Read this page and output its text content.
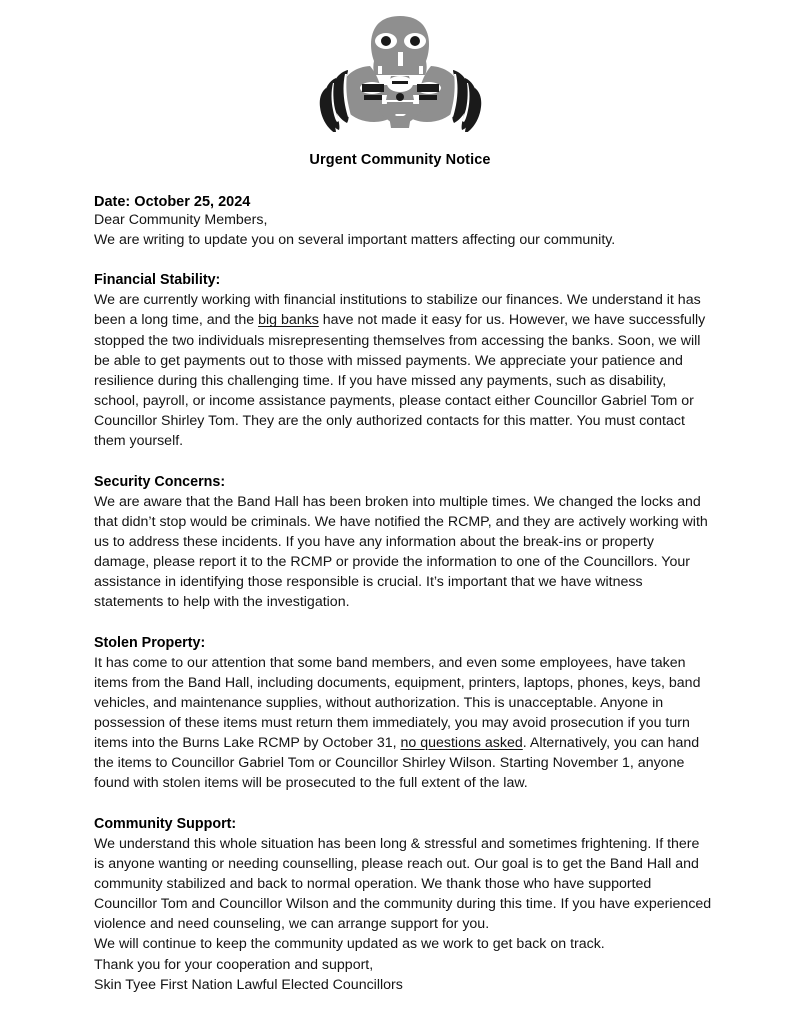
Urgent Community Notice
Date: October 25, 2024

Dear Community Members,

We are writing to update you on several important matters affecting our community.

Financial Stability:

We are currently working with financial institutions to stabilize our finances. We understand it has been a long time, and the big banks have not made it easy for us. However, we have successfully stopped the two individuals misrepresenting themselves from accessing the banks. Soon, we will be able to get payments out to those with missed payments. We appreciate your patience and resilience during this challenging time. If you have missed any payments, such as disability, school, payroll, or income assistance payments, please contact either Councillor Gabriel Tom or Councillor Shirley Tom. They are the only authorized contacts for this matter. You must contact them yourself.

Security Concerns:

We are aware that the Band Hall has been broken into multiple times. We changed the locks and that didn’t stop would be criminals. We have notified the RCMP, and they are actively working with us to address these incidents. If you have any information about the break-ins or property damage, please report it to the RCMP or provide the information to one of the Councillors. Your assistance in identifying those responsible is crucial. It’s important that we have witness statements to help with the investigation.

Stolen Property:

It has come to our attention that some band members, and even some employees, have taken items from the Band Hall, including documents, equipment, printers, laptops, phones, keys, band vehicles, and maintenance supplies, without authorization. This is unacceptable. Anyone in possession of these items must return them immediately, you may avoid prosecution if you turn items into the Burns Lake RCMP by October 31, no questions asked. Alternatively, you can hand the items to Councillor Gabriel Tom or Councillor Shirley Wilson. Starting November 1, anyone found with stolen items will be prosecuted to the full extent of the law.

Community Support:

We understand this whole situation has been long & stressful and sometimes frightening. If there is anyone wanting or needing counselling, please reach out. Our goal is to get the Band Hall and community stabilized and back to normal operation. We thank those who have supported Councillor Tom and Councillor Wilson and the community during this time. If you have experienced violence and need counseling, we can arrange support for you.

We will continue to keep the community updated as we work to get back on track.

Thank you for your cooperation and support,

Skin Tyee First Nation Lawful Elected Councillors
